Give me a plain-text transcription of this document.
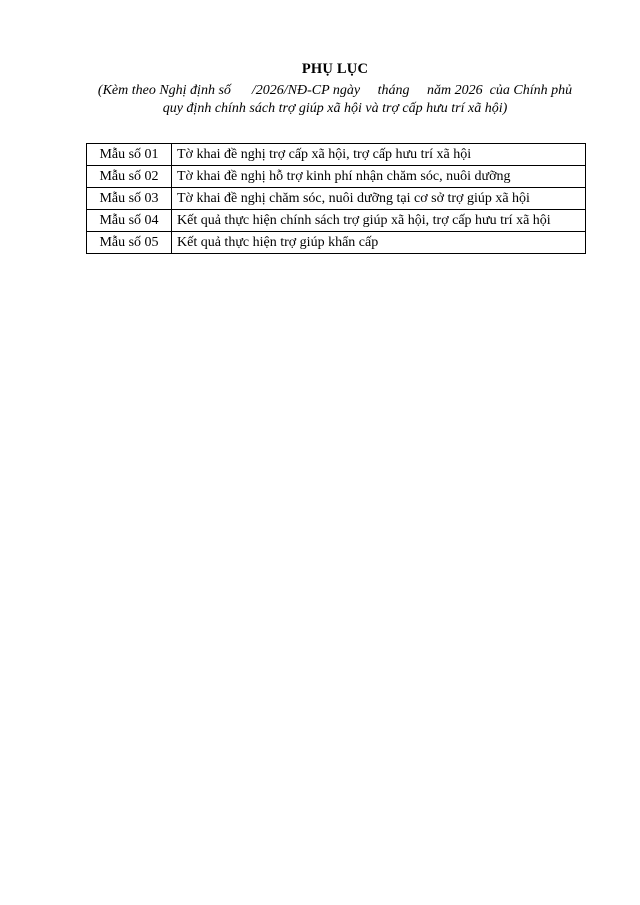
PHỤ LỤC
(Kèm theo Nghị định số      /2026/NĐ-CP ngày     tháng     năm 2026  của Chính phủ
quy định chính sách trợ giúp xã hội và trợ cấp hưu trí xã hội)
Mẫu số 01	Tờ khai đề nghị trợ cấp xã hội, trợ cấp hưu trí xã hội
Mẫu số 02	Tờ khai đề nghị hỗ trợ kinh phí nhận chăm sóc, nuôi dưỡng
Mẫu số 03	Tờ khai đề nghị chăm sóc, nuôi dưỡng tại cơ sở trợ giúp xã hội
Mẫu số 04	Kết quả thực hiện chính sách trợ giúp xã hội, trợ cấp hưu trí xã hội
Mẫu số 05	Kết quả thực hiện trợ giúp khẩn cấp
